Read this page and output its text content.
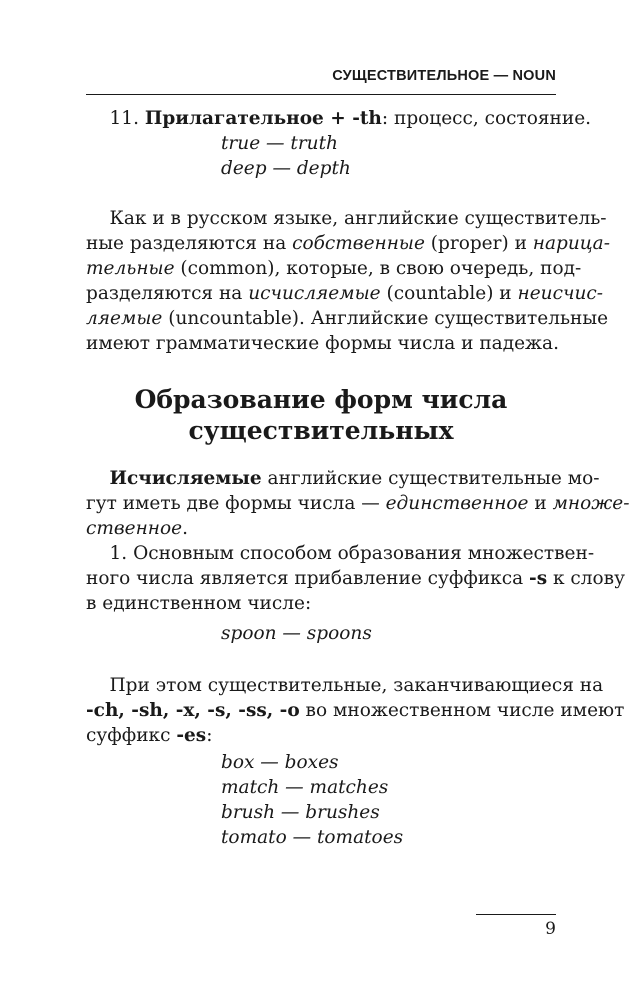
СУЩЕСТВИТЕЛЬНОЕ — NOUN
11. Прилагательное + -th: процесс, состояние.
true — truth
deep — depth
Как и в русском языке, английские существитель-
ные разделяются на собственные (proper) и нарица-
тельные (common), которые, в свою очередь, под-
разделяются на исчисляемые (countable) и неисчис-
ляемые (uncountable). Английские существительные
имеют грамматические формы числа и падежа.
Образование форм числа
существительных
Исчисляемые английские существительные мо-
гут иметь две формы числа — единственное и множе-
ственное.
1. Основным способом образования множествен-
ного числа является прибавление суффикса -s к слову
в единственном числе:
spoon — spoons
При этом существительные, заканчивающиеся на
-ch, -sh, -x, -s, -ss, -o во множественном числе имеют
суффикс -es:
box — boxes
match — matches
brush — brushes
tomato — tomatoes
9
